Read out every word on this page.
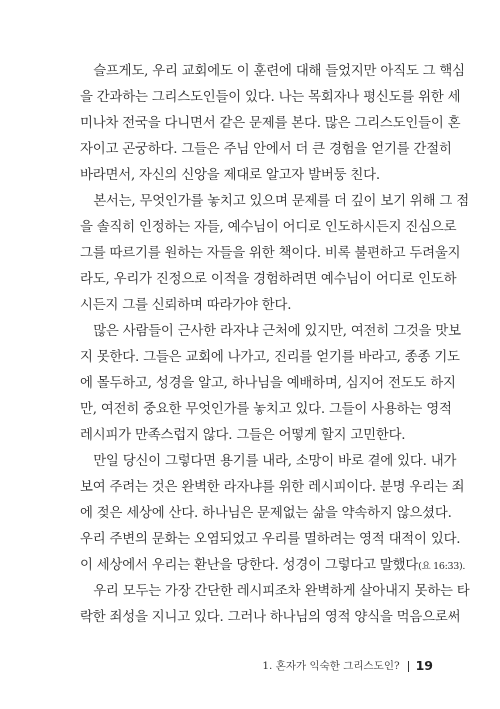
　슬프게도, 우리 교회에도 이 훈련에 대해 들었지만 아직도 그 핵심
을 간과하는 그리스도인들이 있다. 나는 목회자나 평신도를 위한 세
미나차 전국을 다니면서 같은 문제를 본다. 많은 그리스도인들이 혼
자이고 곤궁하다. 그들은 주님 안에서 더 큰 경험을 얻기를 간절히
바라면서, 자신의 신앙을 제대로 알고자 발버둥 친다.
　본서는, 무엇인가를 놓치고 있으며 문제를 더 깊이 보기 위해 그 점
을 솔직히 인정하는 자들, 예수님이 어디로 인도하시든지 진심으로
그를 따르기를 원하는 자들을 위한 책이다. 비록 불편하고 두려울지
라도, 우리가 진정으로 이적을 경험하려면 예수님이 어디로 인도하
시든지 그를 신뢰하며 따라가야 한다.
　많은 사람들이 근사한 라자냐 근처에 있지만, 여전히 그것을 맛보
지 못한다. 그들은 교회에 나가고, 진리를 얻기를 바라고, 종종 기도
에 몰두하고, 성경을 알고, 하나님을 예배하며, 심지어 전도도 하지
만, 여전히 중요한 무엇인가를 놓치고 있다. 그들이 사용하는 영적
레시피가 만족스럽지 않다. 그들은 어떻게 할지 고민한다.
　만일 당신이 그렇다면 용기를 내라, 소망이 바로 곁에 있다. 내가
보여 주려는 것은 완벽한 라자냐를 위한 레시피이다. 분명 우리는 죄
에 젖은 세상에 산다. 하나님은 문제없는 삶을 약속하지 않으셨다.
우리 주변의 문화는 오염되었고 우리를 멸하려는 영적 대적이 있다.
이 세상에서 우리는 환난을 당한다. 성경이 그렇다고 말했다(요 16:33).
　우리 모두는 가장 간단한 레시피조차 완벽하게 살아내지 못하는 타
락한 죄성을 지니고 있다. 그러나 하나님의 영적 양식을 먹음으로써
1. 혼자가 익숙한 그리스도인? 19
